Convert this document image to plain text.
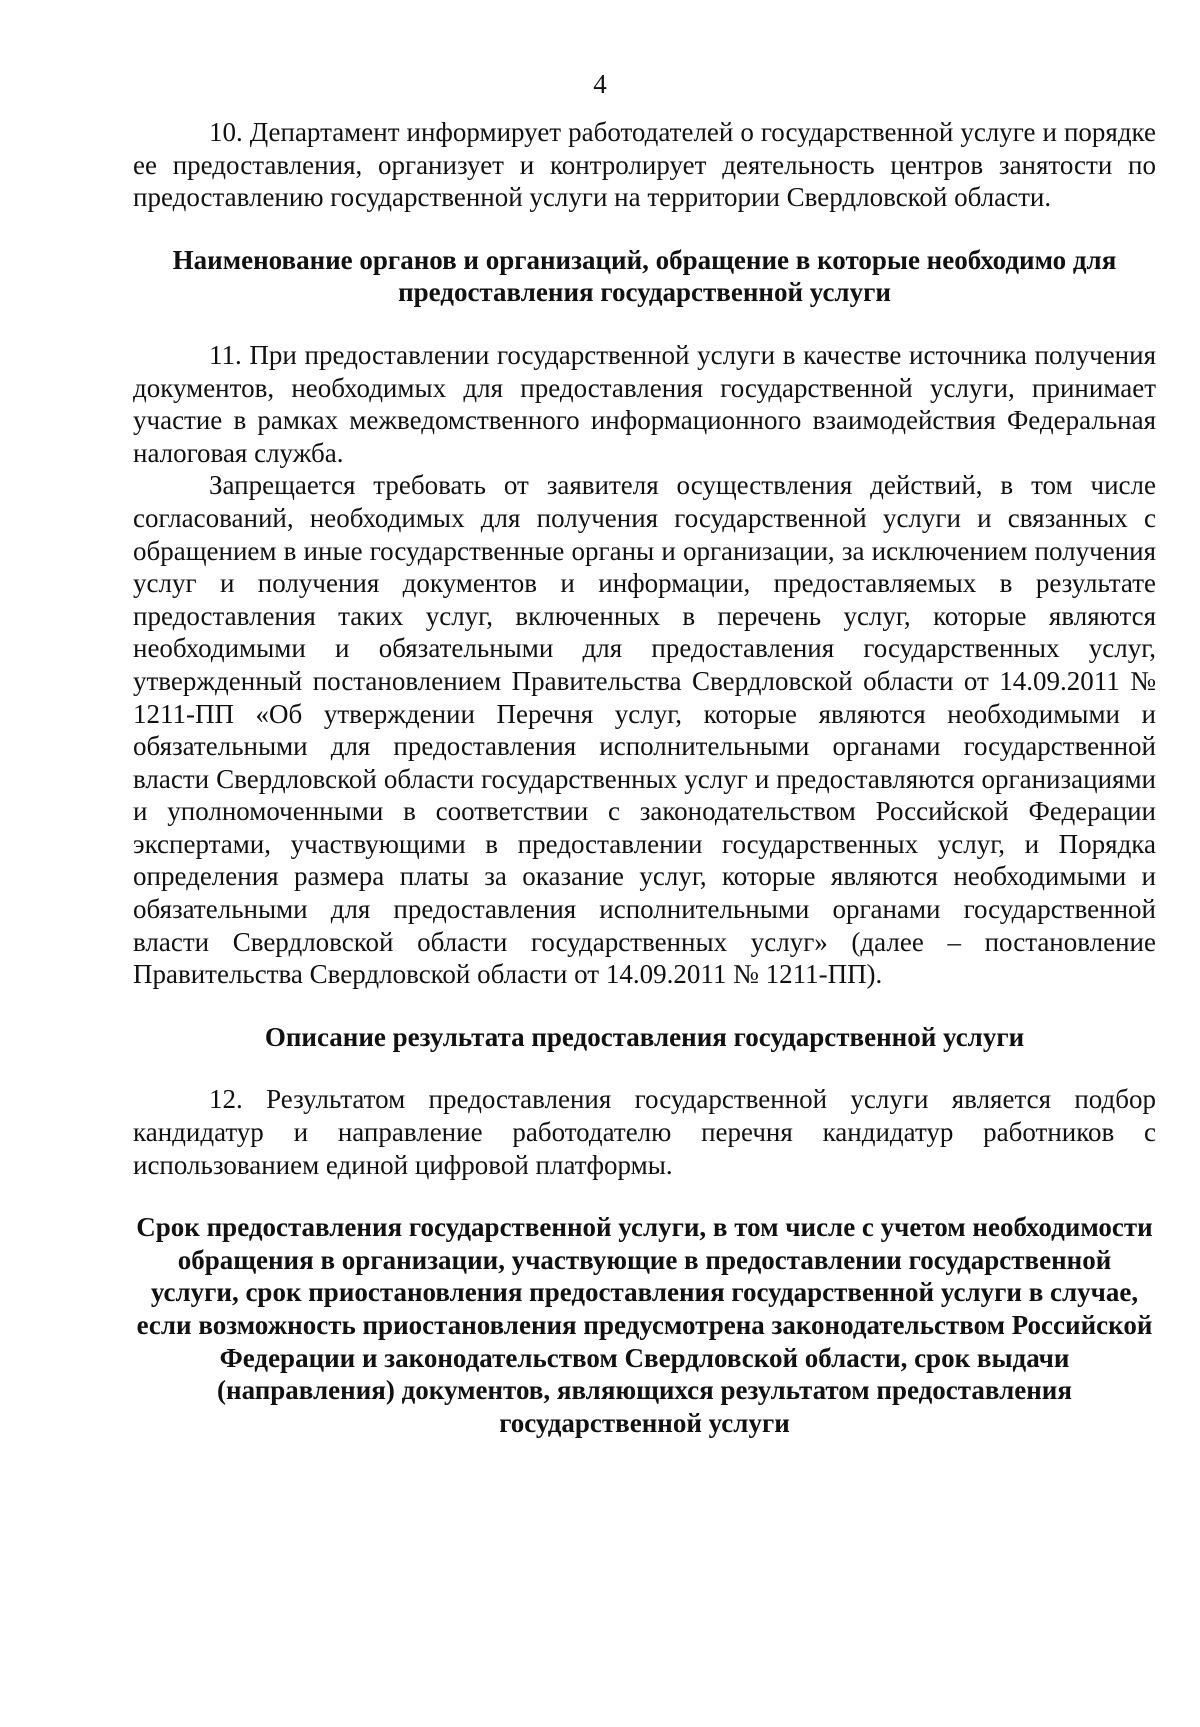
4

10. Департамент информирует работодателей о государственной услуге и порядке ее предоставления, организует и контролирует деятельность центров занятости по предоставлению государственной услуги на территории Свердловской области.

Наименование органов и организаций, обращение в которые необходимо для предоставления государственной услуги

11. При предоставлении государственной услуги в качестве источника получения документов, необходимых для предоставления государственной услуги, принимает участие в рамках межведомственного информационного взаимодействия Федеральная налоговая служба.

Запрещается требовать от заявителя осуществления действий, в том числе согласований, необходимых для получения государственной услуги и связанных с обращением в иные государственные органы и организации, за исключением получения услуг и получения документов и информации, предоставляемых в результате предоставления таких услуг, включенных в перечень услуг, которые являются необходимыми и обязательными для предоставления государственных услуг, утвержденный постановлением Правительства Свердловской области от 14.09.2011 № 1211-ПП «Об утверждении Перечня услуг, которые являются необходимыми и обязательными для предоставления исполнительными органами государственной власти Свердловской области государственных услуг и предоставляются организациями и уполномоченными в соответствии с законодательством Российской Федерации экспертами, участвующими в предоставлении государственных услуг, и Порядка определения размера платы за оказание услуг, которые являются необходимыми и обязательными для предоставления исполнительными органами государственной власти Свердловской области государственных услуг» (далее – постановление Правительства Свердловской области от 14.09.2011 № 1211-ПП).

Описание результата предоставления государственной услуги

12. Результатом предоставления государственной услуги является подбор кандидатур и направление работодателю перечня кандидатур работников с использованием единой цифровой платформы.

Срок предоставления государственной услуги, в том числе с учетом необходимости обращения в организации, участвующие в предоставлении государственной услуги, срок приостановления предоставления государственной услуги в случае, если возможность приостановления предусмотрена законодательством Российской Федерации и законодательством Свердловской области, срок выдачи (направления) документов, являющихся результатом предоставления государственной услуги
